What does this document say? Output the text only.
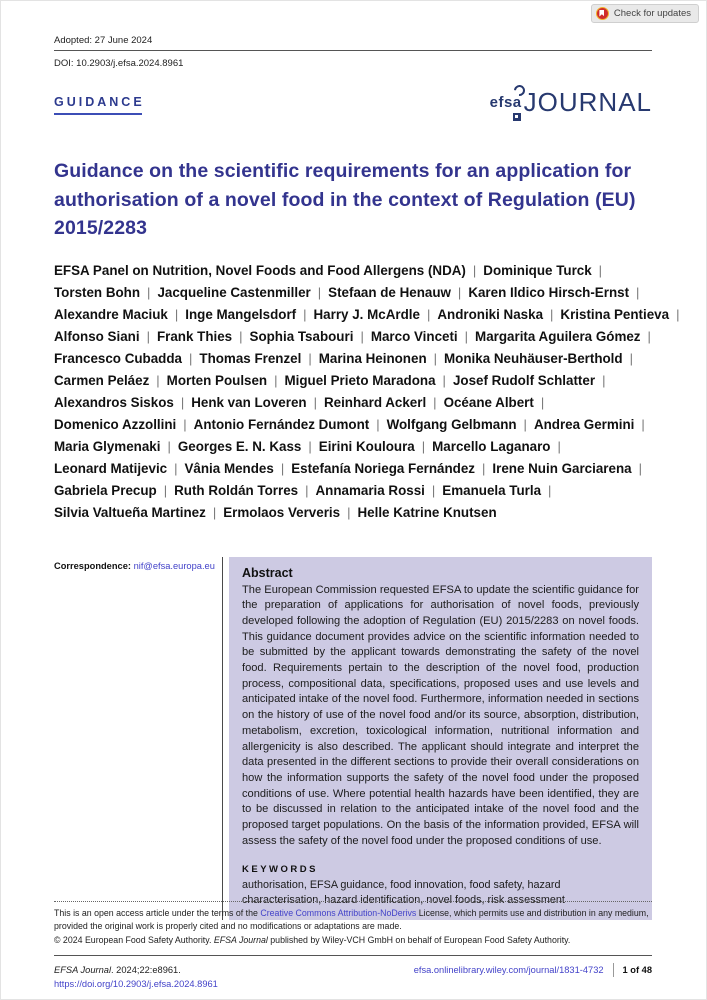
Check for updates
Adopted: 27 June 2024
DOI: 10.2903/j.efsa.2024.8961
GUIDANCE	efsa JOURNAL
Guidance on the scientific requirements for an application for authorisation of a novel food in the context of Regulation (EU) 2015/2283
EFSA Panel on Nutrition, Novel Foods and Food Allergens (NDA) | Dominique Turck |
Torsten Bohn | Jacqueline Castenmiller | Stefaan de Henauw | Karen Ildico Hirsch-Ernst |
Alexandre Maciuk | Inge Mangelsdorf | Harry J. McArdle | Androniki Naska | Kristina Pentieva |
Alfonso Siani | Frank Thies | Sophia Tsabouri | Marco Vinceti | Margarita Aguilera Gómez |
Francesco Cubadda | Thomas Frenzel | Marina Heinonen | Monika Neuhäuser-Berthold |
Carmen Peláez | Morten Poulsen | Miguel Prieto Maradona | Josef Rudolf Schlatter |
Alexandros Siskos | Henk van Loveren | Reinhard Ackerl | Océane Albert |
Domenico Azzollini | Antonio Fernández Dumont | Wolfgang Gelbmann | Andrea Germini |
Maria Glymenaki | Georges E. N. Kass | Eirini Kouloura | Marcello Laganaro |
Leonard Matijevic | Vânia Mendes | Estefanía Noriega Fernández | Irene Nuin Garciarena |
Gabriela Precup | Ruth Roldán Torres | Annamaria Rossi | Emanuela Turla |
Silvia Valtueña Martinez | Ermolaos Ververis | Helle Katrine Knutsen
Correspondence: nif@efsa.europa.eu	Abstract
The European Commission requested EFSA to update the scientific guidance for the preparation of applications for authorisation of novel foods, previously developed following the adoption of Regulation (EU) 2015/2283 on novel foods. This guidance document provides advice on the scientific information needed to be submitted by the applicant towards demonstrating the safety of the novel food. Requirements pertain to the description of the novel food, production process, compositional data, specifications, proposed uses and use levels and anticipated intake of the novel food. Furthermore, information needed in sections on the history of use of the novel food and/or its source, absorption, distribution, metabolism, excretion, toxicological information, nutritional information and allergenicity is also described. The applicant should integrate and interpret the data presented in the different sections to provide their overall considerations on how the information supports the safety of the novel food under the proposed conditions of use. Where potential health hazards have been identified, they are to be discussed in relation to the anticipated intake of the novel food and the proposed target populations. On the basis of the information provided, EFSA will assess the safety of the novel food under the proposed conditions of use.
KEYWORDS
authorisation, EFSA guidance, food innovation, food safety, hazard characterisation, hazard identification, novel foods, risk assessment
This is an open access article under the terms of the Creative Commons Attribution-NoDerivs License, which permits use and distribution in any medium, provided the original work is properly cited and no modifications or adaptations are made.
© 2024 European Food Safety Authority. EFSA Journal published by Wiley-VCH GmbH on behalf of European Food Safety Authority.
EFSA Journal. 2024;22:e8961.
https://doi.org/10.2903/j.efsa.2024.8961
efsa.onlinelibrary.wiley.com/journal/1831-4732 1 of 48
